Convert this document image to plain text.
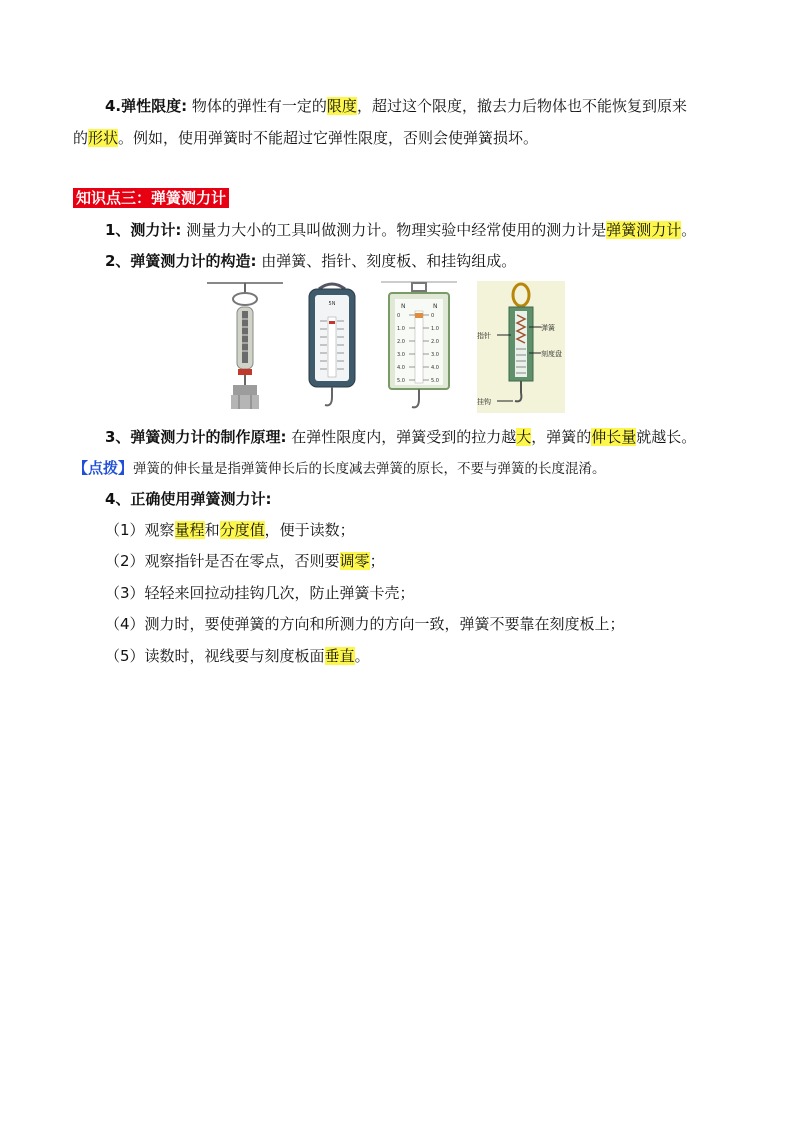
4.弹性限度: 物体的弹性有一定的限度，超过这个限度，撤去力后物体也不能恢复到原来
的形状。例如，使用弹簧时不能超过它弹性限度，否则会使弹簧损坏。
知识点三：弹簧测力计
1、测力计: 测量力大小的工具叫做测力计。物理实验中经常使用的测力计是弹簧测力计。
2、弹簧测力计的构造: 由弹簧、指针、刻度板、和挂钩组成。
5N	N	N
0
1.0
2.0
3.0
4.0
5.0
0
1.0
2.0
3.0
4.0
5.0
弹簧
刻度盘
指针
挂钩
3、弹簧测力计的制作原理: 在弹性限度内，弹簧受到的拉力越大，弹簧的伸长量就越长。
【点拨】弹簧的伸长量是指弹簧伸长后的长度减去弹簧的原长，不要与弹簧的长度混淆。
4、正确使用弹簧测力计:
（1）观察量程和分度值，便于读数；
（2）观察指针是否在零点，否则要调零；
（3）轻轻来回拉动挂钩几次，防止弹簧卡壳；
（4）测力时，要使弹簧的方向和所测力的方向一致，弹簧不要靠在刻度板上；
（5）读数时，视线要与刻度板面垂直。
